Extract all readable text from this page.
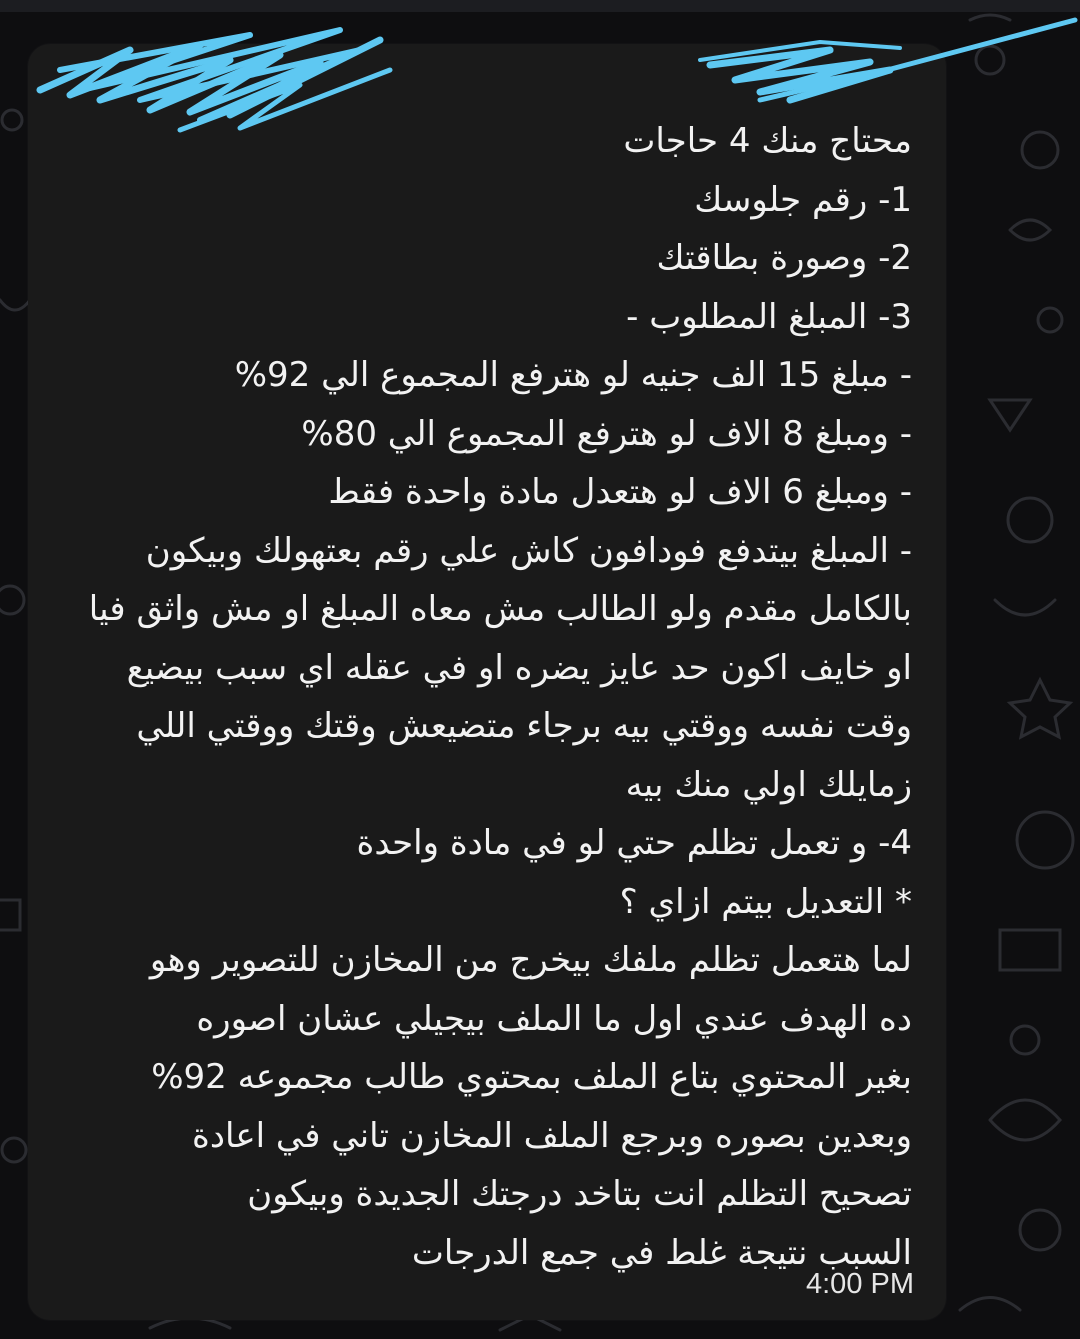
محتاج منك 4 حاجات
1- رقم جلوسك
2- وصورة بطاقتك
3- المبلغ المطلوب -
- مبلغ 15 الف جنيه لو هترفع المجموع الي 92%
- ومبلغ 8 الاف لو هترفع المجموع الي 80%
- ومبلغ 6 الاف لو هتعدل مادة واحدة فقط
- المبلغ بيتدفع فودافون كاش علي رقم بعتهولك وبيكون
بالكامل مقدم ولو الطالب مش معاه المبلغ او مش واثق فيا
او خايف اكون حد عايز يضره او في عقله اي سبب بيضيع
وقت نفسه ووقتي بيه برجاء متضيعش وقتك ووقتي اللي
زمايلك اولي منك بيه
4- و تعمل تظلم حتي لو في مادة واحدة
* التعديل بيتم ازاي ؟
لما هتعمل تظلم ملفك بيخرج من المخازن للتصوير وهو
ده الهدف عندي اول ما الملف بيجيلي عشان اصوره
بغير المحتوي بتاع الملف بمحتوي طالب مجموعه 92%
وبعدين بصوره وبرجع الملف المخازن تاني في اعادة
تصحيح التظلم انت بتاخد درجتك الجديدة وبيكون
السبب نتيجة غلط في جمع الدرجات
4:00 PM
